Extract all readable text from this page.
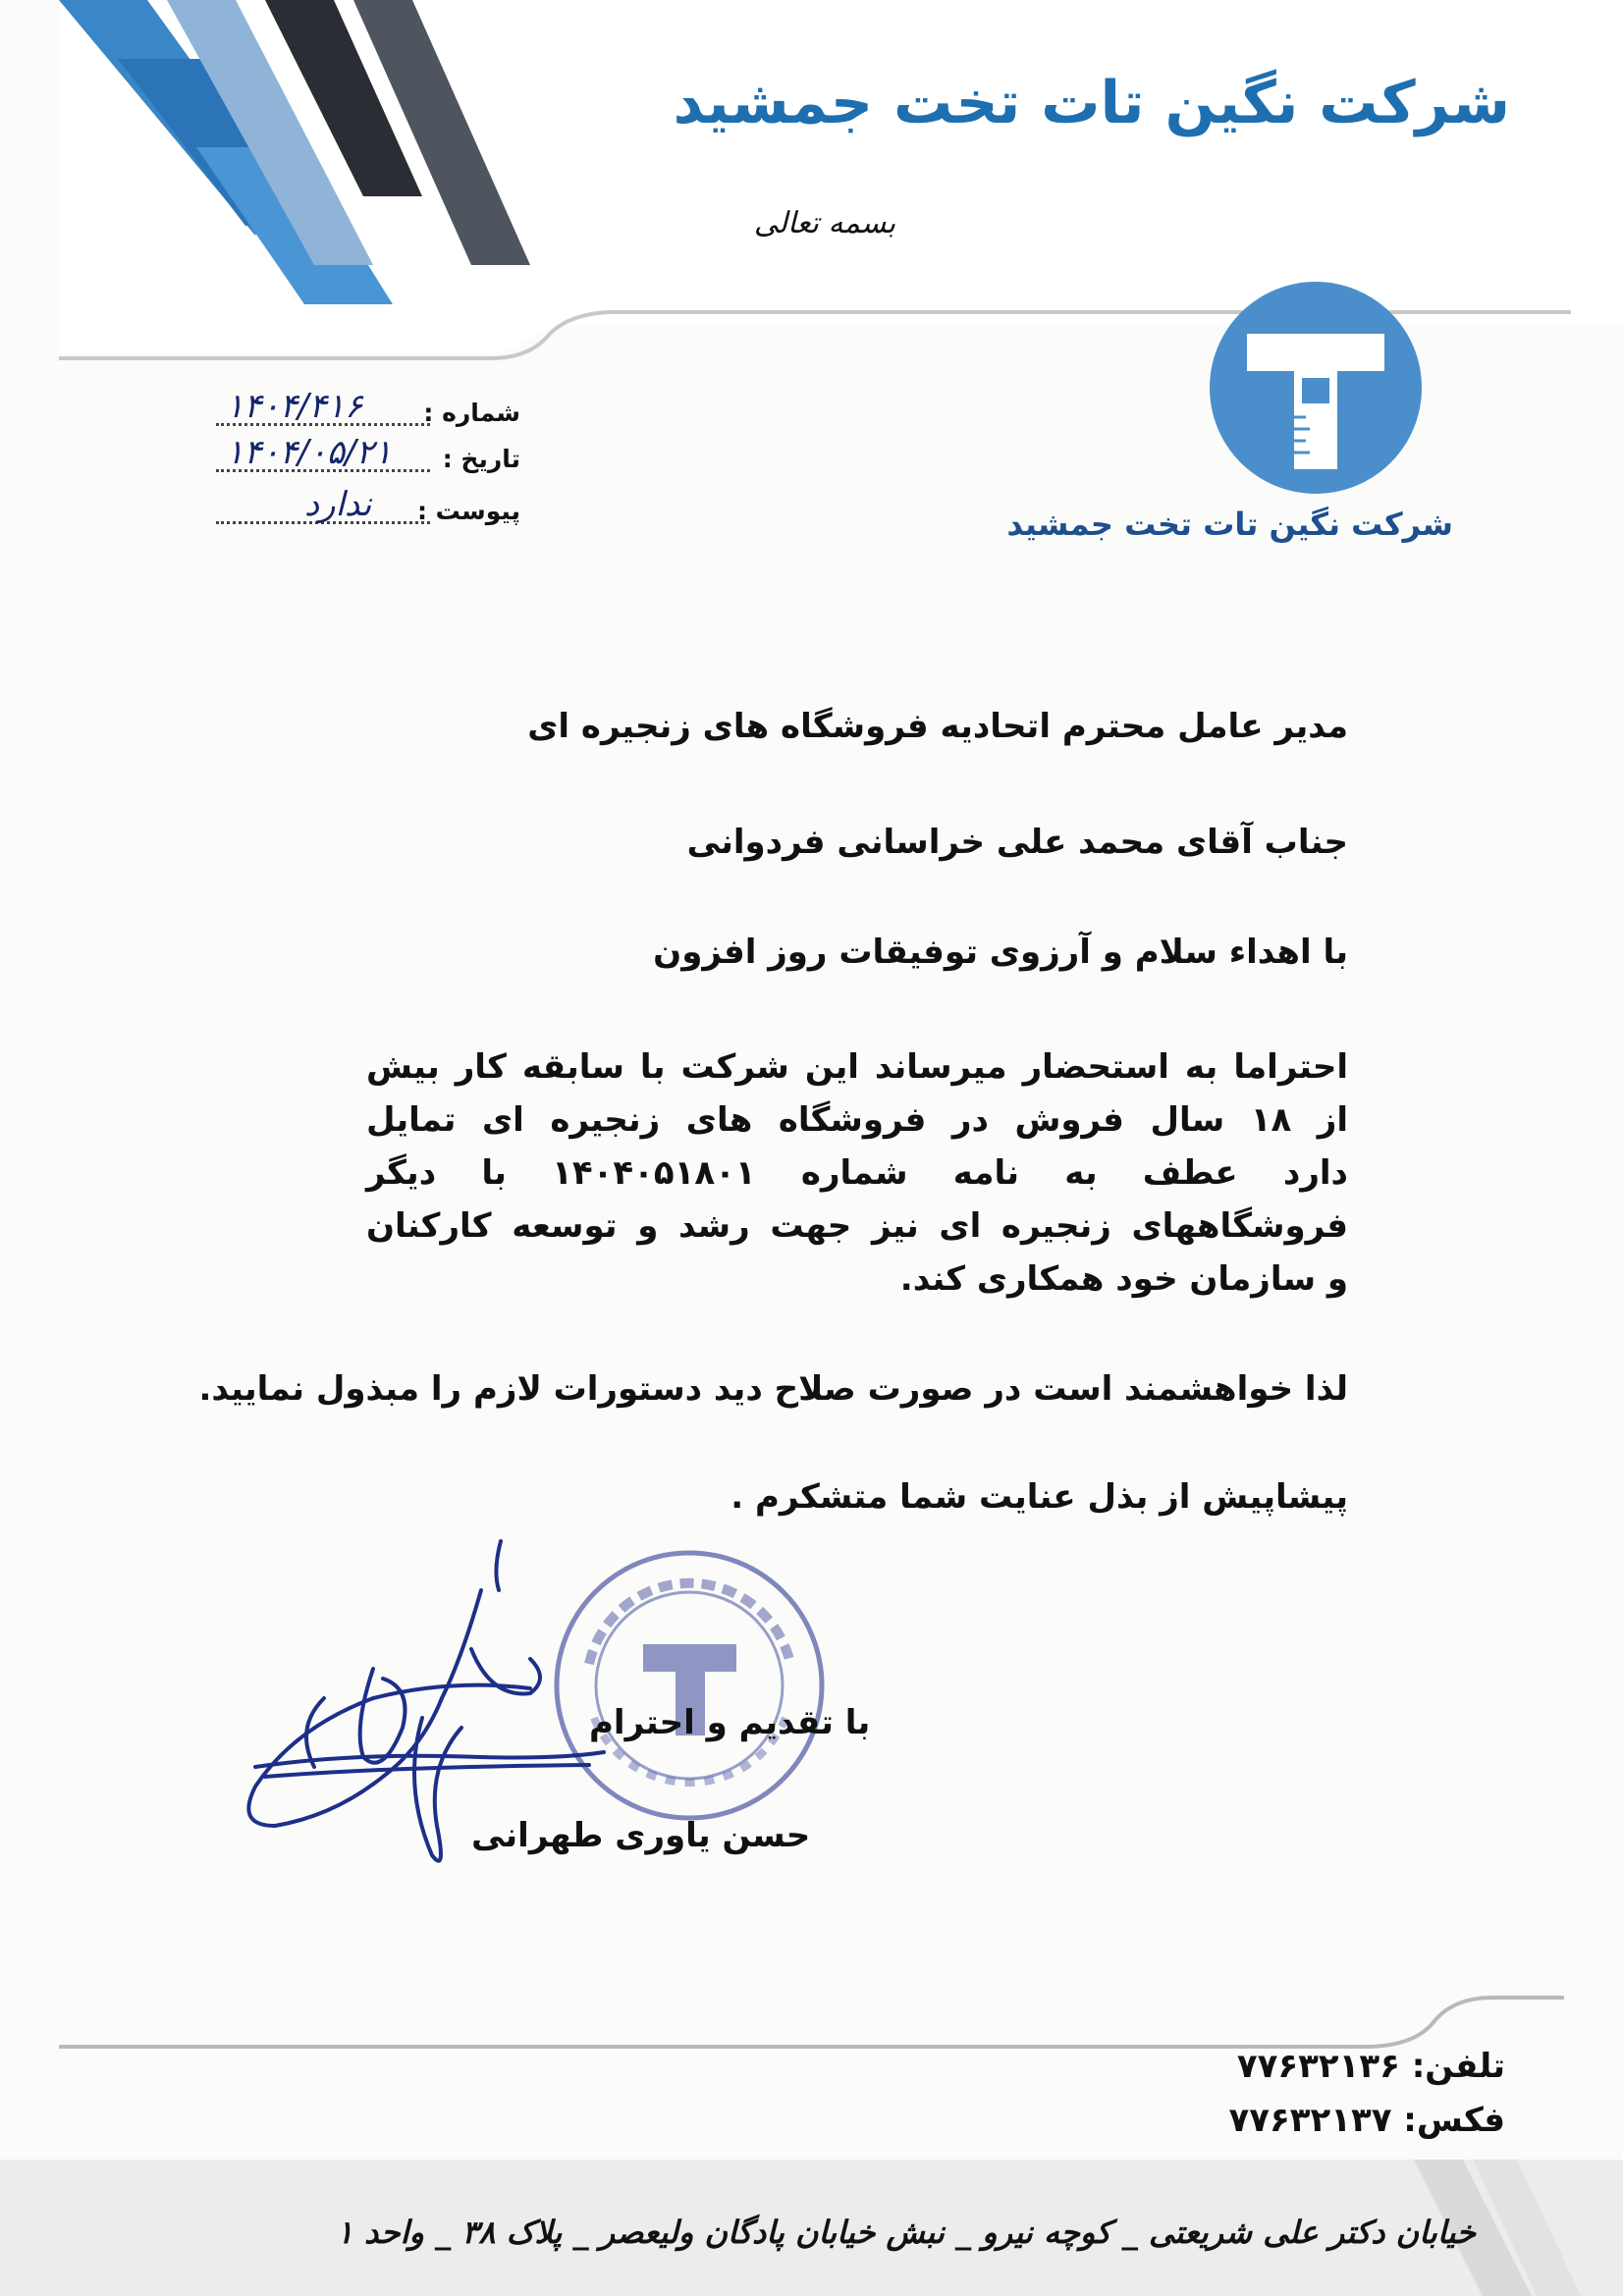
شرکت نگین تات تخت جمشید
بسمه تعالی
شرکت نگین تات تخت جمشید
شماره :
۱۴۰۴/۴۱۶
تاریخ :
۱۴۰۴/۰۵/۲۱
پیوست :
ندارد
مدیر عامل محترم اتحادیه فروشگاه های زنجیره ای
جناب آقای محمد علی خراسانی فردوانی
با اهداء سلام و آرزوی توفیقات روز افزون
احتراما به استحضار میرساند این شرکت با سابقه کار بیش
از ۱۸ سال فروش در فروشگاه های زنجیره ای تمایل
دارد عطف به نامه شماره ۱۴۰۴۰۵۱۸۰۱ با دیگر
فروشگاههای زنجیره ای نیز جهت رشد و توسعه کارکنان
و سازمان خود همکاری کند.
لذا خواهشمند است در صورت صلاح دید دستورات لازم را مبذول نمایید.
پیشاپیش از بذل عنایت شما متشکرم .
با تقدیم و احترام
حسن یاوری طهرانی
تلفن: ۷۷۶۳۲۱۳۶
فکس: ۷۷۶۳۲۱۳۷
خیابان دکتر علی شریعتی _ کوچه نیرو _ نبش خیابان پادگان ولیعصر _ پلاک ۳۸ _ واحد ۱
